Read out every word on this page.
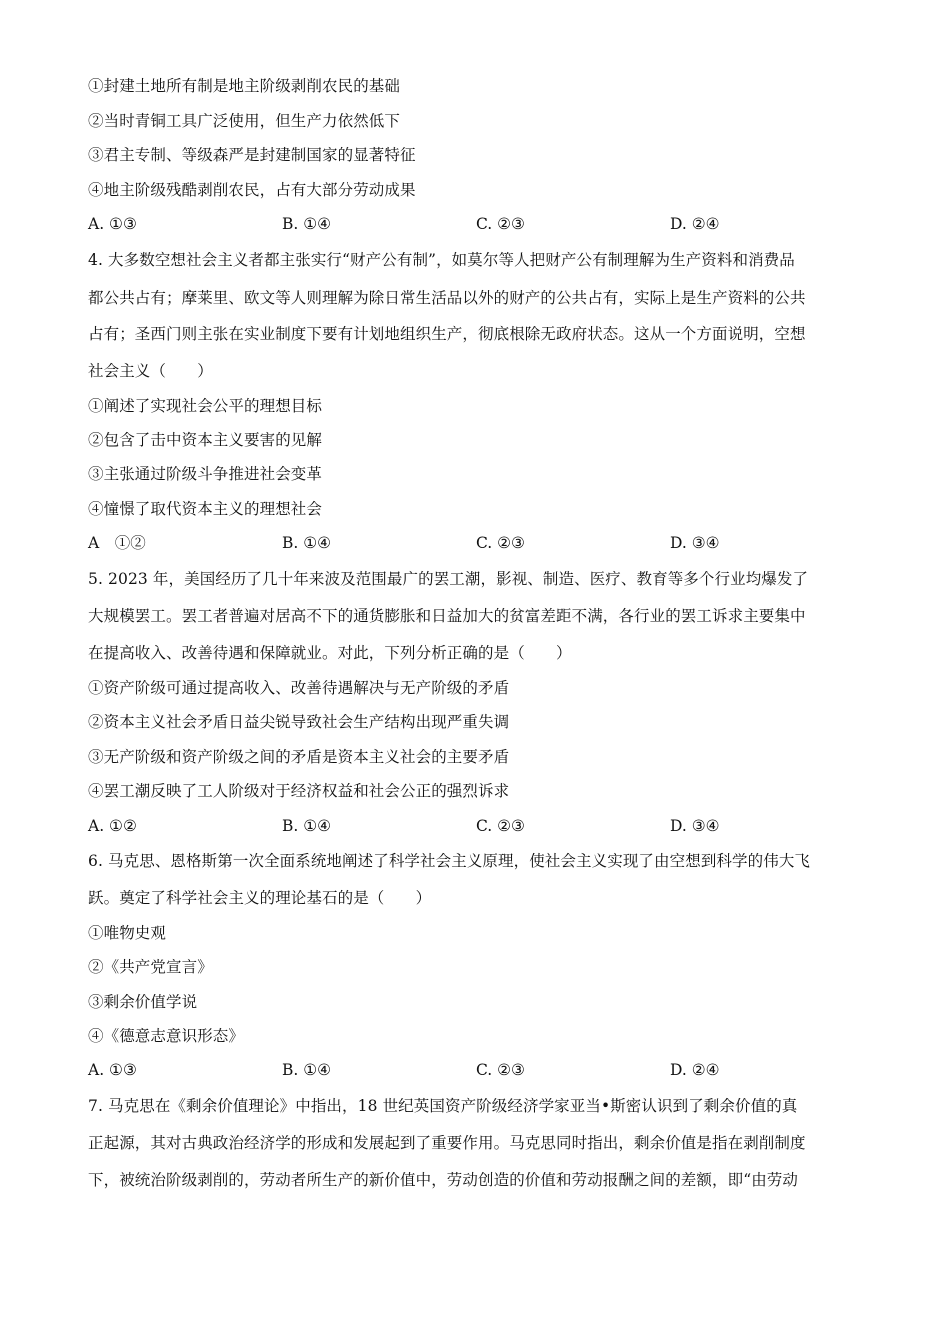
①封建土地所有制是地主阶级剥削农民的基础
②当时青铜工具广泛使用，但生产力依然低下
③君主专制、等级森严是封建制国家的显著特征
④地主阶级残酷剥削农民，占有大部分劳动成果
A. ①③	B. ①④	C. ②③	D. ②④
4. 大多数空想社会主义者都主张实行“财产公有制”，如莫尔等人把财产公有制理解为生产资料和消费品
都公共占有；摩莱里、欧文等人则理解为除日常生活品以外的财产的公共占有，实际上是生产资料的公共
占有；圣西门则主张在实业制度下要有计划地组织生产，彻底根除无政府状态。这从一个方面说明，空想
社会主义（　　）
①阐述了实现社会公平的理想目标
②包含了击中资本主义要害的见解
③主张通过阶级斗争推进社会变革
④憧憬了取代资本主义的理想社会
A　①②	B. ①④	C. ②③	D. ③④
5. 2023 年，美国经历了几十年来波及范围最广的罢工潮，影视、制造、医疗、教育等多个行业均爆发了
大规模罢工。罢工者普遍对居高不下的通货膨胀和日益加大的贫富差距不满，各行业的罢工诉求主要集中
在提高收入、改善待遇和保障就业。对此，下列分析正确的是（　　）
①资产阶级可通过提高收入、改善待遇解决与无产阶级的矛盾
②资本主义社会矛盾日益尖锐导致社会生产结构出现严重失调
③无产阶级和资产阶级之间的矛盾是资本主义社会的主要矛盾
④罢工潮反映了工人阶级对于经济权益和社会公正的强烈诉求
A. ①②	B. ①④	C. ②③	D. ③④
6. 马克思、恩格斯第一次全面系统地阐述了科学社会主义原理，使社会主义实现了由空想到科学的伟大飞
跃。奠定了科学社会主义的理论基石的是（　　）
①唯物史观
②《共产党宣言》
③剩余价值学说
④《德意志意识形态》
A. ①③	B. ①④	C. ②③	D. ②④
7. 马克思在《剩余价值理论》中指出，18 世纪英国资产阶级经济学家亚当•斯密认识到了剩余价值的真
正起源，其对古典政治经济学的形成和发展起到了重要作用。马克思同时指出，剩余价值是指在剥削制度
下，被统治阶级剥削的，劳动者所生产的新价值中，劳动创造的价值和劳动报酬之间的差额，即“由劳动
